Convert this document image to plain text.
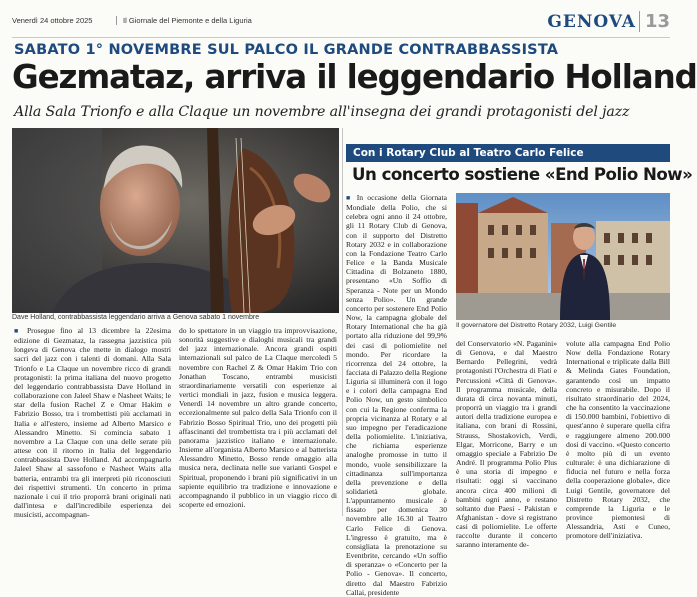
Venerdì 24 ottobre 2025	Il Giornale del Piemonte e della Liguria	GENOVA 13
SABATO 1° NOVEMBRE SUL PALCO IL GRANDE CONTRABBASSISTA
Gezmataz, arriva il leggendario Holland
Alla Sala Trionfo e alla Claque un novembre all'insegna dei grandi protagonisti del jazz
Dave Holland, contrabbassista leggendario arriva a Genova sabato 1 novembre

■ Prosegue fino al 13 dicembre la 22esima edizione di Gezmataz, la rassegna jazzistica più longeva di Genova che mette in dialogo mostri sacri del jazz con i talenti di domani. Alla Sala Trionfo e La Claque un novembre ricco di grandi protagonisti: la prima italiana del nuovo progetto del leggendario contrabbassista Dave Holland in collaborazione con Jaleel Shaw e Nasheet Waits; le star della fusion Rachel Z e Omar Hakim e Fabrizio Bosso, tra i trombettisti più acclamati in Italia e all'estero, insieme ad Alberto Marsico e Alessandro Minetto. Si comincia sabato 1 novembre a La Claque con una delle serate più attese con il ritorno in Italia del leggendario contrabbassista Dave Holland. Ad accompagnarlo Jaleel Shaw al sassofono e Nasheet Waits alla batteria, entrambi tra gli interpreti più riconosciuti dei rispettivi strumenti. Un concerto in prima nazionale i cui il trio proporrà brani originali nati dall'intesa e dall'incredibile esperienza dei musicisti, accompagnan-

do lo spettatore in un viaggio tra improvvisazione, sonorità suggestive e dialoghi musicali tra grandi del jazz internazionale. Ancora grandi ospiti internazionali sul palco de La Claque mercoledì 5 novembre con Rachel Z & Omar Hakim Trio con Jonathan Toscano, entrambi musicisti straordinariamente versatili con esperienze ai vertici mondiali in jazz, fusion e musica leggera. Venerdì 14 novembre un altro grande concerto, eccezionalmente sul palco della Sala Trionfo con il Fabrizio Bosso Spiritual Trio, uno dei progetti più affascinanti del trombettista tra i più acclamati del panorama jazzistico italiano e internazionale. Insieme all'organista Alberto Marsico e al batterista Alessandro Minetto, Bosso rende omaggio alla musica nera, declinata nelle sue varianti Gospel e Spiritual, proponendo i brani più significativi in un sapiente equilibrio tra tradizione e innovazione e accompagnando il pubblico in un viaggio ricco di scoperte ed emozioni.

Con i Rotary Club al Teatro Carlo Felice
Un concerto sostiene «End Polio Now»

■ In occasione della Giornata Mondiale della Polio, che si celebra ogni anno il 24 ottobre, gli 11 Rotary Club di Genova, con il supporto del Distretto Rotary 2032 e in collaborazione con la Fondazione Teatro Carlo Felice e la Banda Musicale Cittadina di Bolzaneto 1880, presentano «Un Soffio di Speranza - Note per un Mondo senza Polio». Un grande concerto per sostenere End Polio Now, la campagna globale del Rotary International che ha già portato alla riduzione del 99,9% dei casi di poliomielite nel mondo. Per ricordare la ricorrenza del 24 ottobre, la facciata di Palazzo della Regione Liguria si illuminerà con il logo e i colori della campagna End Polio Now, un gesto simbolico con cui la Regione conferma la propria vicinanza al Rotary e al suo impegno per l'eradicazione della poliomielite. L'iniziativa, che richiama esperienze analoghe promosse in tutto il mondo, vuole sensibilizzare la cittadinanza sull'importanza della prevenzione e della solidarietà globale. L'appuntamento musicale è fissato per domenica 30 novembre alle 16.30 al Teatro Carlo Felice di Genova. L'ingresso è gratuito, ma è consigliata la prenotazione su Eventbrite, cercando «Un soffio di speranza» o «Concerto per la Polio - Genova». Il concerto, diretto dal Maestro Fabrizio Callai, presidente

Il governatore del Distretto Rotary 2032, Luigi Gentile

del Conservatorio «N. Paganini» di Genova, e dal Maestro Bernardo Pellegrini, vedrà protagonisti l'Orchestra di Fiati e Percussioni «Città di Genova». Il programma musicale, della durata di circa novanta minuti, proporrà un viaggio tra i grandi autori della tradizione europea e italiana, con brani di Rossini, Strauss, Shostakovich, Verdi, Elgar, Morricone, Barry e un omaggio speciale a Fabrizio De André. Il programma Polio Plus è una storia di impegno e risultati: oggi si vaccinano ancora circa 400 milioni di bambini ogni anno, e restano soltanto due Paesi - Pakistan e Afghanistan - dove si registrano casi di poliomielite. Le offerte raccolte durante il concerto saranno interamente de-

volute alla campagna End Polio Now della Fondazione Rotary International e triplicate dalla Bill & Melinda Gates Foundation, garantendo così un impatto concreto e misurabile. Dopo il risultato straordinario del 2024, che ha consentito la vaccinazione di 150.000 bambini, l'obiettivo di quest'anno è superare quella cifra e raggiungere almeno 200.000 dosi di vaccino. «Questo concerto è molto più di un evento culturale: è una dichiarazione di fiducia nel futuro e nella forza della cooperazione globale», dice Luigi Gentile, governatore del Distretto Rotary 2032, che comprende la Liguria e le province piemontesi di Alessandria, Asti e Cuneo, promotore dell'iniziativa.
